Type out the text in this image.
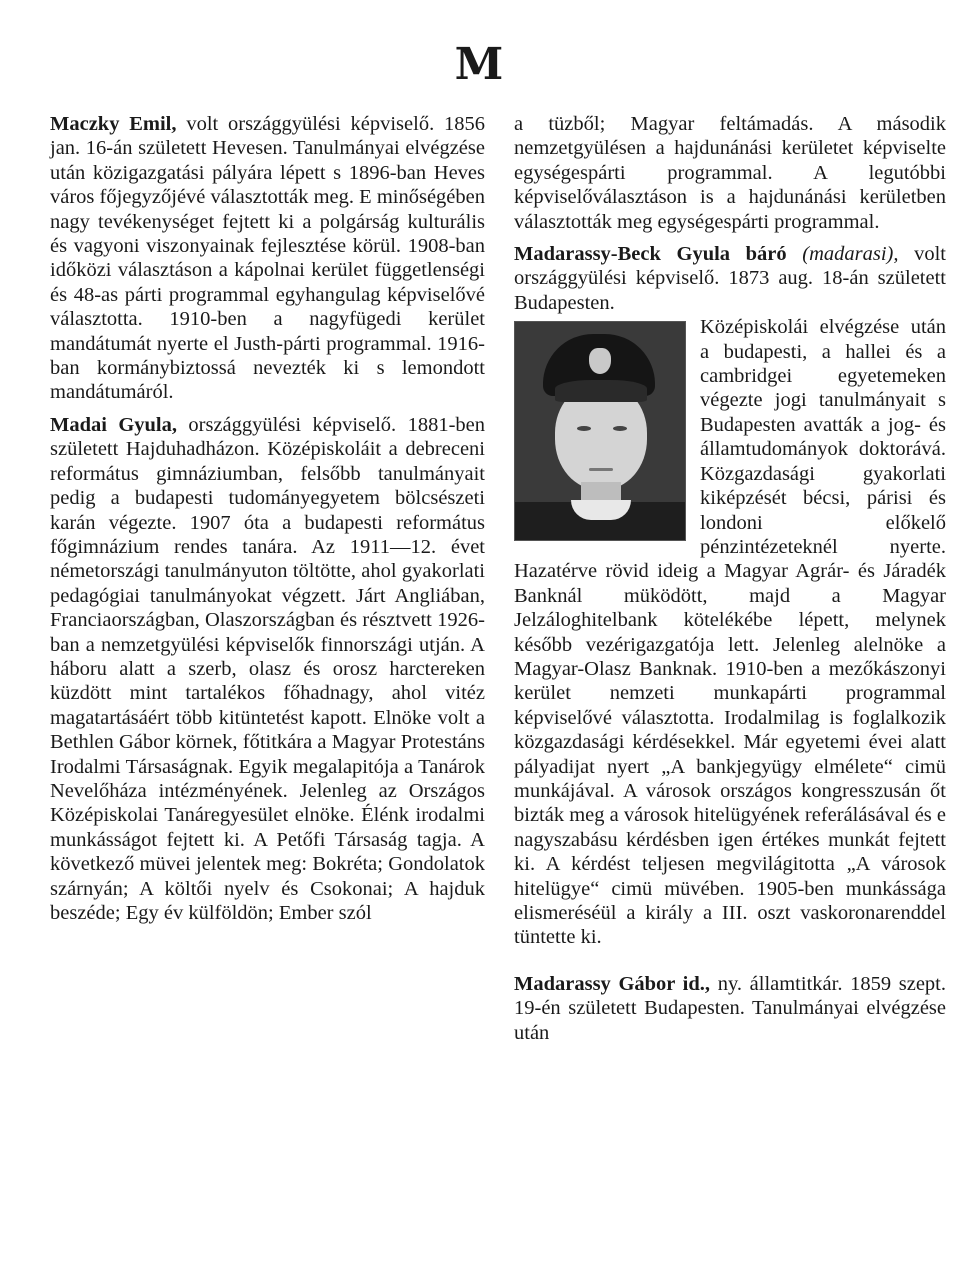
M

Maczky Emil, volt országgyülési képviselő. 1856 jan. 16-án született Hevesen. Tanulmányai elvégzése után közigazgatási pályára lépett s 1896-ban Heves város főjegyzőjévé választották meg. E minőségében nagy tevékenységet fejtett ki a polgárság kulturális és vagyoni viszonyainak fejlesztése körül. 1908-ban időközi választáson a kápolnai kerület függetlenségi és 48-as párti programmal egyhangulag képviselővé választotta. 1910-ben a nagyfügedi kerület mandátumát nyerte el Justh-párti programmal. 1916-ban kormánybiztossá nevezték ki s lemondott mandátumáról.

Madai Gyula, országgyülési képviselő. 1881-ben született Hajduhadházon. Középiskoláit a debreceni református gimnáziumban, felsőbb tanulmányait pedig a budapesti tudományegyetem bölcsészeti karán végezte. 1907 óta a budapesti református főgimnázium rendes tanára. Az 1911—12. évet németországi tanulmányuton töltötte, ahol gyakorlati pedagógiai tanulmányokat végzett. Járt Angliában, Franciaországban, Olaszországban és résztvett 1926-ban a nemzetgyülési képviselők finnországi utján. A háboru alatt a szerb, olasz és orosz harctereken küzdött mint tartalékos főhadnagy, ahol vitéz magatartásáért több kitüntetést kapott. Elnöke volt a Bethlen Gábor körnek, főtitkára a Magyar Protestáns Irodalmi Társaságnak. Egyik megalapitója a Tanárok Nevelőháza intézményének. Jelenleg az Országos Középiskolai Tanáregyesület elnöke. Élénk irodalmi munkásságot fejtett ki. A Petőfi Társaság tagja. A következő müvei jelentek meg: Bokréta; Gondolatok szárnyán; A költői nyelv és Csokonai; A hajduk beszéde; Egy év külföldön; Ember szól

a tüzből; Magyar feltámadás. A második nemzetgyülésen a hajdunánási kerületet képviselte egységespárti programmal. A legutóbbi képviselőválasztáson is a hajdunánási kerületben választották meg egységespárti programmal.

Madarassy-Beck Gyula báró (madarasi), volt országgyülési képviselő. 1873 aug. 18-án született Budapesten.

Középiskolái elvégzése után a budapesti, a hallei és a cambridgei egyetemeken végezte jogi tanulmányait s Budapesten avatták a jog- és államtudományok doktorává. Közgazdasági gyakorlati kiképzését bécsi, párisi és londoni előkelő pénzintézeteknél nyerte. Hazatérve rövid ideig a Magyar Agrár- és Járadék Banknál müködött, majd a Magyar Jelzáloghitelbank kötelékébe lépett, melynek később vezérigazgatója lett. Jelenleg alelnöke a Magyar-Olasz Banknak. 1910-ben a mezőkászonyi kerület nemzeti munkapárti programmal képviselővé választotta. Irodalmilag is foglalkozik közgazdasági kérdésekkel. Már egyetemi évei alatt pályadijat nyert „A bankjegyügy elmélete“ cimü munkájával. A városok országos kongresszusán őt bizták meg a városok hitelügyének referálásával és e nagyszabásu kérdésben igen értékes munkát fejtett ki. A kérdést teljesen megvilágitotta „A városok hitelügye“ cimü müvében. 1905-ben munkássága elismeréséül a király a III. oszt vaskoronarenddel tüntette ki.

Madarassy Gábor id., ny. államtitkár. 1859 szept. 19-én született Budapesten. Tanulmányai elvégzése után
